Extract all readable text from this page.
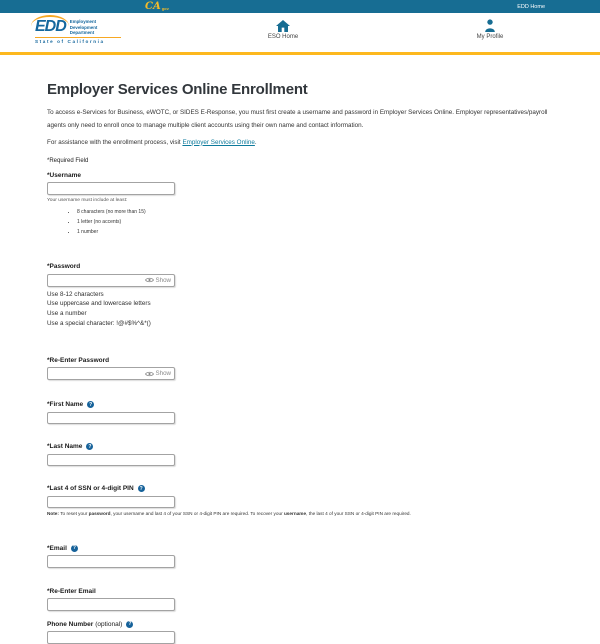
CA gov	EDD Home
EDD Employment
Development
Department
State of California
ESO Home	My Profile
Employer Services Online Enrollment

To access e-Services for Business, eWOTC, or SIDES E-Response, you must first create a username and password in Employer Services Online. Employer representatives/payroll agents only need to enroll once to manage multiple client accounts using their own name and contact information.

For assistance with the enrollment process, visit Employer Services Online.

*Required Field

*Username
Your username must include at least:
• 8 characters (no more than 15)
• 1 letter (no accents)
• 1 number
*Password
Show
Use 8-12 characters
Use uppercase and lowercase letters
Use a number
Use a special character: !@#$%^&*()
*Re-Enter Password
Show
*First Name	?
*Last Name	?
*Last 4 of SSN or 4-digit PIN	?
Note: To reset your password, your username and last 4 of your SSN or 4-digit PIN are required. To recover your username, the last 4 of your SSN or 4-digit PIN are required.
*Email	?
*Re-Enter Email
Phone Number (optional)	?
